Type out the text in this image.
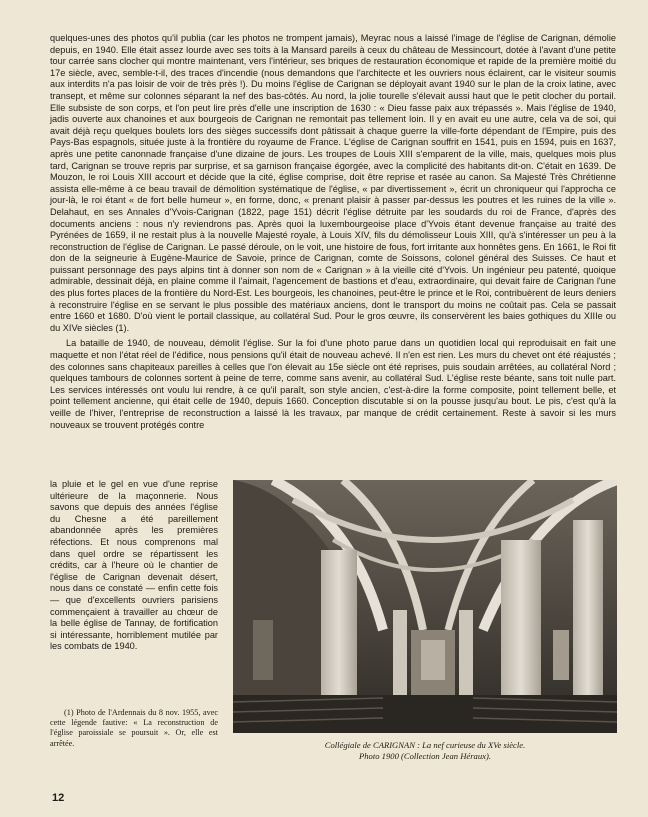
quelques-unes des photos qu'il publia (car les photos ne trompent jamais), Meyrac nous a laissé l'image de l'église de Carignan, démolie depuis, en 1940. Elle était assez lourde avec ses toits à la Mansard pareils à ceux du château de Messincourt, dotée à l'avant d'une petite tour carrée sans clocher qui montre maintenant, vers l'intérieur, ses briques de restauration économique et rapide de la première moitié du 17e siècle, avec, semble-t-il, des traces d'incendie (nous demandons que l'architecte et les ouvriers nous éclairent, car le visiteur soumis aux interdits n'a pas loisir de voir de très près !). Du moins l'église de Carignan se déployait avant 1940 sur le plan de la croix latine, avec transept, et même sur colonnes séparant la nef des bas-côtés. Au nord, la jolie tourelle s'élevait aussi haut que le petit clocher du portail. Elle subsiste de son corps, et l'on peut lire près d'elle une inscription de 1630 : « Dieu fasse paix aux trépassés ». Mais l'église de 1940, jadis ouverte aux chanoines et aux bourgeois de Carignan ne remontait pas tellement loin. Il y en avait eu une autre, cela va de soi, qui avait déjà reçu quelques boulets lors des sièges successifs dont pâtissait à chaque guerre la ville-forte dépendant de l'Empire, puis des Pays-Bas espagnols, située juste à la frontière du royaume de France. L'église de Carignan souffrit en 1541, puis en 1594, puis en 1637, après une petite canonnade française d'une dizaine de jours. Les troupes de Louis XIII s'emparent de la ville, mais, quelques mois plus tard, Carignan se trouve repris par surprise, et sa garnison française égorgée, avec la complicité des habitants dit-on. C'était en 1639. De Mouzon, le roi Louis XIII accourt et décide que la cité, église comprise, doit être reprise et rasée au canon. Sa Majesté Très Chrétienne assista elle-même à ce beau travail de démolition systématique de l'église, « par divertissement », écrit un chroniqueur qui l'approcha ce jour-là, le roi étant « de fort belle humeur », en forme, donc, « prenant plaisir à passer par-dessus les poutres et les ruines de la ville ». Delahaut, en ses Annales d'Yvois-Carignan (1822, page 151) décrit l'église détruite par les soudards du roi de France, d'après des documents anciens : nous n'y reviendrons pas. Après quoi la luxembourgeoise place d'Yvois étant devenue française au traité des Pyrénées de 1659, il ne restait plus à la nouvelle Majesté royale, à Louis XIV, fils du démolisseur Louis XIII, qu'à s'intéresser un peu à la reconstruction de l'église de Carignan. Le passé déroule, on le voit, une histoire de fous, fort irritante aux honnêtes gens. En 1661, le Roi fit don de la seigneurie à Eugène-Maurice de Savoie, prince de Carignan, comte de Soissons, colonel général des Suisses. Ce haut et puissant personnage des pays alpins tint à donner son nom de « Carignan » à la vieille cité d'Yvois. Un ingénieur peu patenté, quoique admirable, dessinait déjà, en plaine comme il l'aimait, l'agencement de bastions et d'eau, extraordinaire, qui devait faire de Carignan l'une des plus fortes places de la frontière du Nord-Est. Les bourgeois, les chanoines, peut-être le prince et le Roi, contribuèrent de leurs deniers à reconstruire l'église en se servant le plus possible des matériaux anciens, dont le transport du moins ne coûtait pas. Cela se passait entre 1660 et 1680. D'où vient le portail classique, au collatéral Sud. Pour le gros œuvre, ils conservèrent les baies gothiques du XIIIe ou du XIVe siècles (1).

La bataille de 1940, de nouveau, démolit l'église. Sur la foi d'une photo parue dans un quotidien local qui reproduisait en fait une maquette et non l'état réel de l'édifice, nous pensions qu'il était de nouveau achevé. Il n'en est rien. Les murs du chevet ont été réajustés ; des colonnes sans chapiteaux pareilles à celles que l'on élevait au 15e siècle ont été reprises, puis soudain arrêtées, au collatéral Nord ; quelques tambours de colonnes sortent à peine de terre, comme sans avenir, au collatéral Sud. L'église reste béante, sans toit nulle part. Les services intéressés ont voulu lui rendre, à ce qu'il paraît, son style ancien, c'est-à-dire la forme composite, point tellement belle, et point tellement ancienne, qui était celle de 1940, depuis 1660. Conception discutable si on la pousse jusqu'au bout. Le pis, c'est qu'à la veille de l'hiver, l'entreprise de reconstruction a laissé là les travaux, par manque de crédit certainement. Reste à savoir si les murs nouveaux se trouvent protégés contre

la pluie et le gel en vue d'une reprise ultérieure de la maçonnerie. Nous savons que depuis des années l'église du Chesne a été pareillement abandonnée après les premières réfections. Et nous comprenons mal dans quel ordre se répartissent les crédits, car à l'heure où le chantier de l'église de Carignan devenait désert, nous dans ce constaté — enfin cette fois — que d'excellents ouvriers parisiens commençaient à travailler au chœur de la belle église de Tannay, de fortification si intéressante, horriblement mutilée par les combats de 1940.
Collégiale de CARIGNAN : La nef curieuse du XVe siècle.
Photo 1900 (Collection Jean Héraux).
(1) Photo de l'Ardennais du 8 nov. 1955, avec cette légende fautive: « La reconstruction de l'église paroissiale se poursuit ». Or, elle est arrêtée.
12
